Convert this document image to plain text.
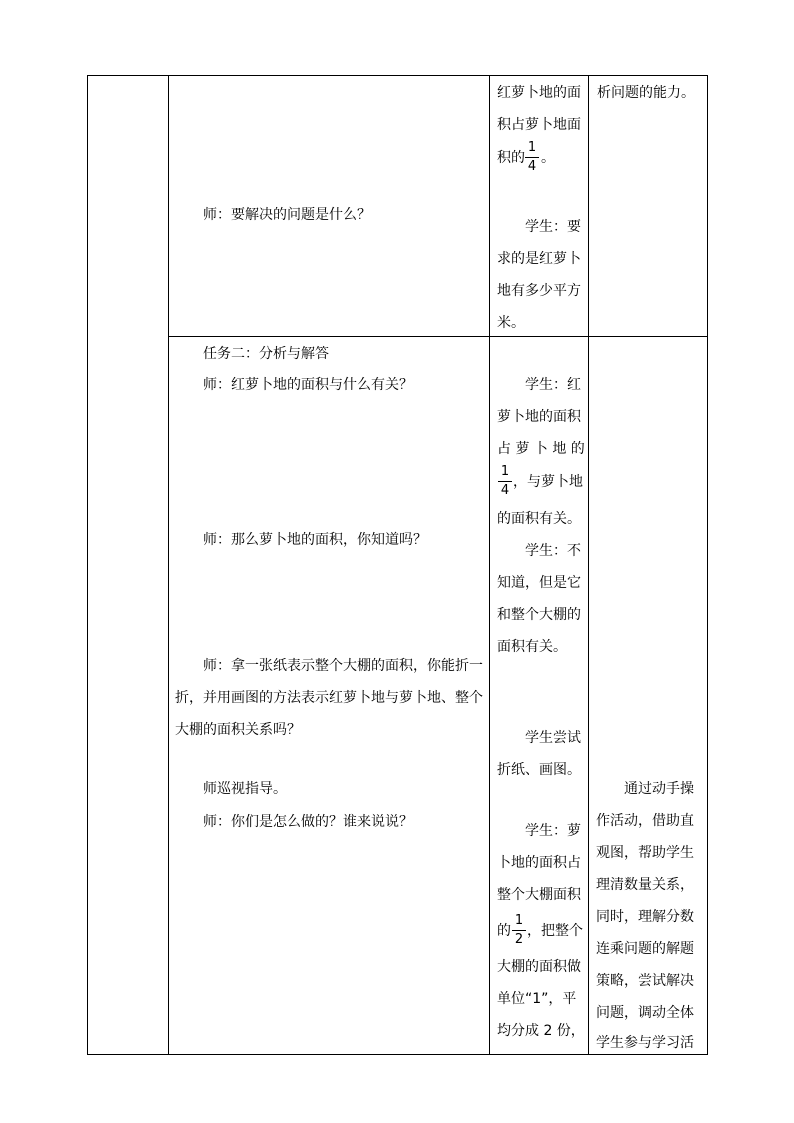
师：要解决的问题是什么？
红萝卜地的面
积占萝卜地面
积的
1
4
。
学生：要
求的是红萝卜
地有多少平方
米。
析问题的能力。
任务二：分析与解答
师：红萝卜地的面积与什么有关？
师：那么萝卜地的面积，你知道吗？
师：拿一张纸表示整个大棚的面积，你能折一
折，并用画图的方法表示红萝卜地与萝卜地、整个
大棚的面积关系吗？
师巡视指导。
师：你们是怎么做的？谁来说说？
学生：红
萝卜地的面积
占 萝 卜 地 的
1
4
，与萝卜地
的面积有关。
学生：不
知道，但是它
和整个大棚的
面积有关。
学生尝试
折纸、画图。
学生：萝
卜地的面积占
整个大棚面积
的
1
2
，把整个
大棚的面积做
单位“1”，平
均分成 2 份，
通过动手操
作活动，借助直
观图，帮助学生
理清数量关系，
同时，理解分数
连乘问题的解题
策略，尝试解决
问题，调动全体
学生参与学习活
